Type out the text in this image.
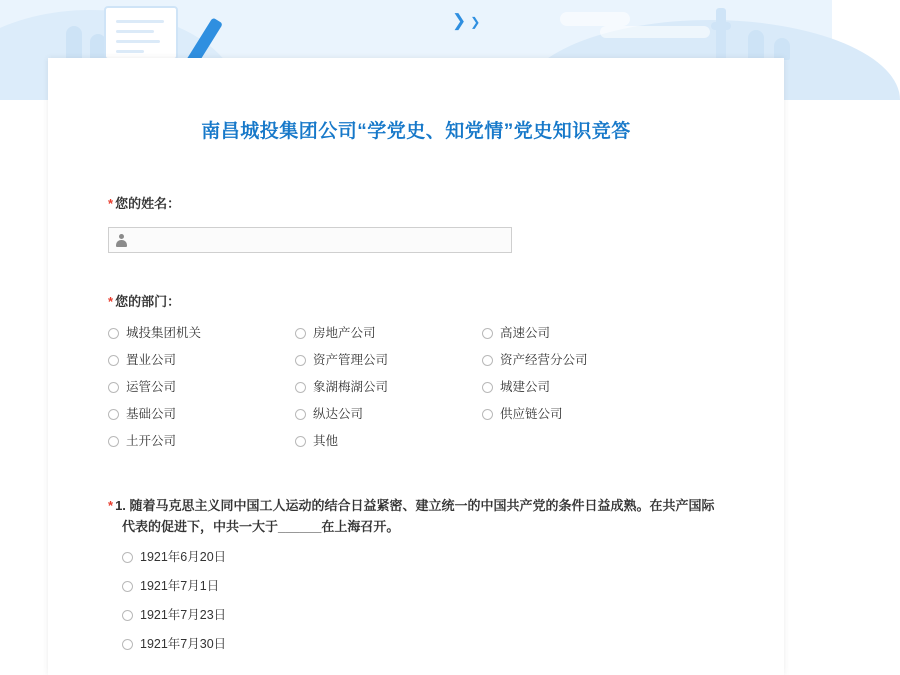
❯❯
南昌城投集团公司“学党史、知党情”党史知识竞答
* 您的姓名：
* 您的部门：
城投集团机关	房地产公司	高速公司
置业公司	资产管理公司	资产经营分公司
运管公司	象湖梅湖公司	城建公司
基础公司	纵达公司	供应链公司
土开公司	其他
* 1. 随着马克思主义同中国工人运动的结合日益紧密、建立统一的中国共产党的条件日益成熟。在共产国际代表的促进下，中共一大于______在上海召开。
1921年6月20日
1921年7月1日
1921年7月23日
1921年7月30日
